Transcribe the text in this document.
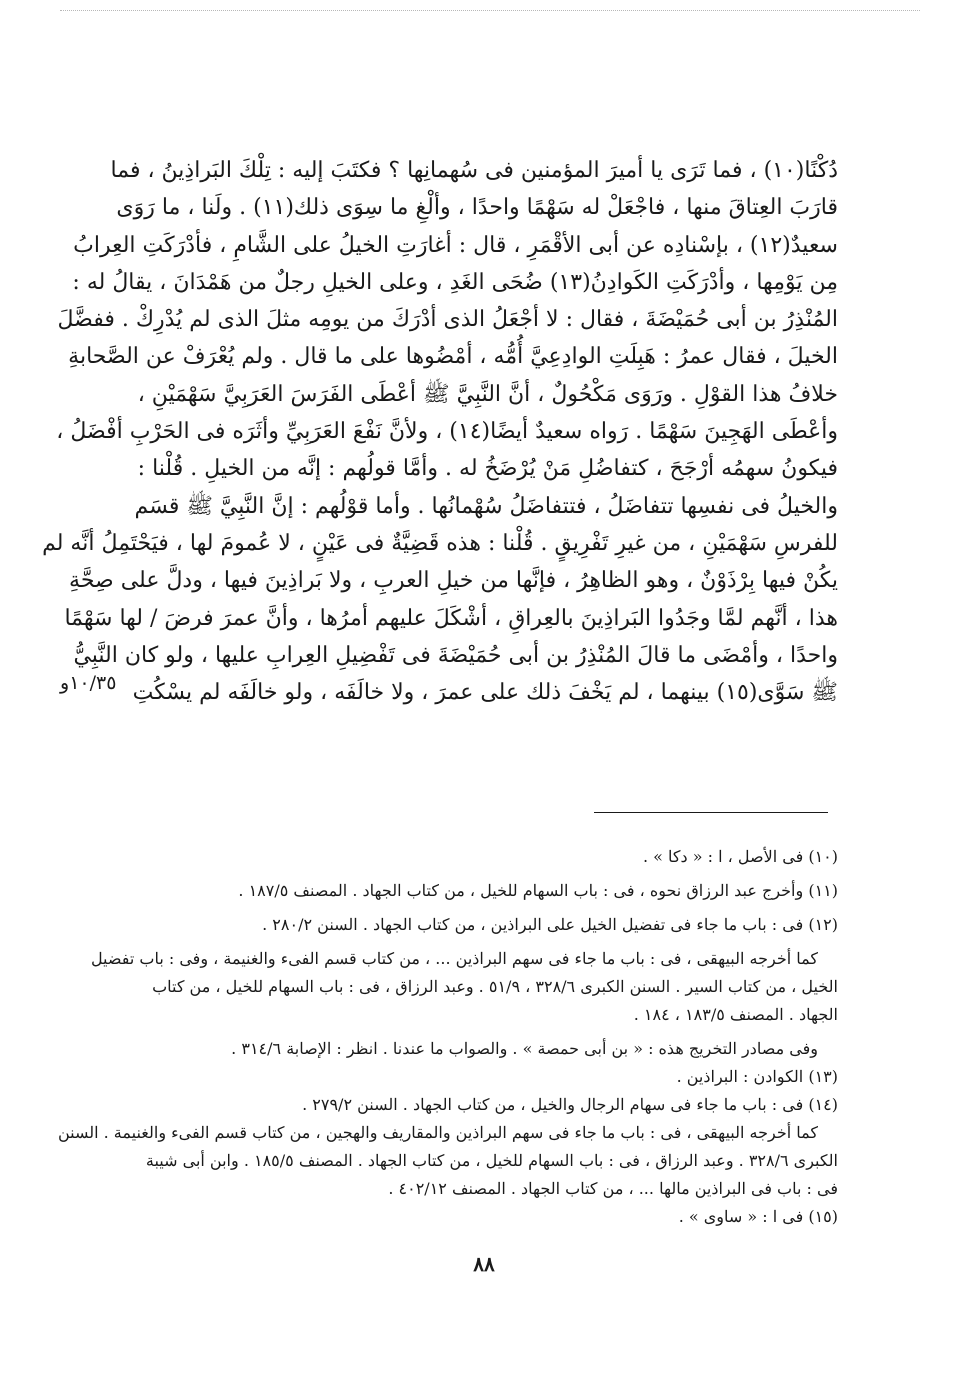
دُكْنًا(١٠) ، فما تَرَى يا أميرَ المؤمنين فى سُهمانِها ؟ فكتَبَ إليه : تِلْكَ البَراذِينُ ، فما
قارَبَ العِتاقَ منها ، فاجْعَلْ له سَهْمًا واحدًا ، وألْغِ ما سِوَى ذلك(١١) . ولَنا ، ما رَوَى
سعيدٌ(١٢) ، بإسْنادِه عن أبى الأقْمَرِ ، قال : أغارَتِ الخيلُ على الشَّامِ ، فأدْرَكَتِ العِرابُ
مِن يَوْمِها ، وأدْرَكَتِ الكَوادِنُ(١٣) ضُحَى الغَدِ ، وعلى الخيلِ رجلٌ من هَمْدَانَ ، يقالُ له :
المُنْذِرُ بن أبى حُمَيْضَةَ ، فقال : لا أجْعَلُ الذى أدْرَكَ من يومِه مثلَ الذى لم يُدْرِكْ . ففضَّلَ
الخيلَ ، فقال عمرُ : هَبِلَتِ الوادِعِيَّ أُمُّه ، أمْضُوها على ما قال . ولم يُعْرَفْ عن الصَّحابةِ
خلافُ هذا القوْلِ . ورَوَى مَكْحُولٌ ، أنَّ النَّبِيَّ ﷺ أعْطَى الفَرَسَ العَرَبِيَّ سَهْمَيْنِ ،
وأعْطَى الهَجِينَ سَهْمًا . رَواه سعيدٌ أيضًا(١٤) ، ولأنَّ نَفْعَ العَرَبِيِّ وأثَرَه فى الحَرْبِ أفْضَلُ ،
فيكونُ سهمُه أرْجَحَ ، كتفاضُلِ مَنْ يُرْضَخُ له . وأمَّا قولُهم : إنَّه من الخيلِ . قُلْنا :
والخيلُ فى نفسِها تتفاضَلُ ، فتتفاضَلُ سُهْمانُها . وأما قوْلُهم : إنَّ النَّبِيَّ ﷺ قسَم
للفرسِ سَهْمَيْنِ ، من غيرِ تَفْرِيقٍ . قُلْنا : هذه قَضِيَّةٌ فى عَيْنٍ ، لا عُمومَ لها ، فيَحْتَمِلُ أنَّه لم
يكُنْ فيها بِرْذَوْنٌ ، وهو الظاهِرُ ، فإنَّها من خيلِ العربِ ، ولا بَراذِينَ فيها ، ودلَّ على صِحَّةِ
هذا ، أنَّهم لمَّا وجَدُوا البَراذِينَ بالعِراقِ ، أشْكَلَ عليهم أمرُها ، وأنَّ عمرَ فرضَ / لها سَهْمًا
واحدًا ، وأمْضَى ما قالَ المُنْذِرُ بن أبى حُمَيْضَةَ فى تَفْضِيلِ العِرابِ عليها ، ولو كان النَّبِيُّ
ﷺ سَوَّى(١٥) بينهما ، لم يَخْفَ ذلك على عمرَ ، ولا خالَفَه ، ولو خالَفَه لم يسْكُتِ
١٠/٣٥و
(١٠) فى الأصل ، ا : « دكا » .
(١١) وأخرج عبد الرزاق نحوه ، فى : باب السهام للخيل ، من كتاب الجهاد . المصنف ١٨٧/٥ .
(١٢) فى : باب ما جاء فى تفضيل الخيل على البراذين ، من كتاب الجهاد . السنن ٢٨٠/٢ .
كما أخرجه البيهقى ، فى : باب ما جاء فى سهم البراذين ... ، من كتاب قسم الفىء والغنيمة ، وفى : باب تفضيل
الخيل ، من كتاب السير . السنن الكبرى ٣٢٨/٦ ، ٥١/٩ . وعبد الرزاق ، فى : باب السهام للخيل ، من كتاب
الجهاد . المصنف ١٨٣/٥ ، ١٨٤ .
وفى مصادر التخريج هذه : « بن أبى حمصة » . والصواب ما عندنا . انظر : الإصابة ٣١٤/٦ .
(١٣) الكوادن : البراذين .
(١٤) فى : باب ما جاء فى سهام الرجال والخيل ، من كتاب الجهاد . السنن ٢٧٩/٢ .
كما أخرجه البيهقى ، فى : باب ما جاء فى سهم البراذين والمقاريف والهجين ، من كتاب قسم الفىء والغنيمة . السنن
الكبرى ٣٢٨/٦ . وعبد الرزاق ، فى : باب السهام للخيل ، من كتاب الجهاد . المصنف ١٨٥/٥ . وابن أبى شيبة
فى : باب فى البراذين مالها ... ، من كتاب الجهاد . المصنف ٤٠٢/١٢ .
(١٥) فى ا : « ساوى » .
٨٨
